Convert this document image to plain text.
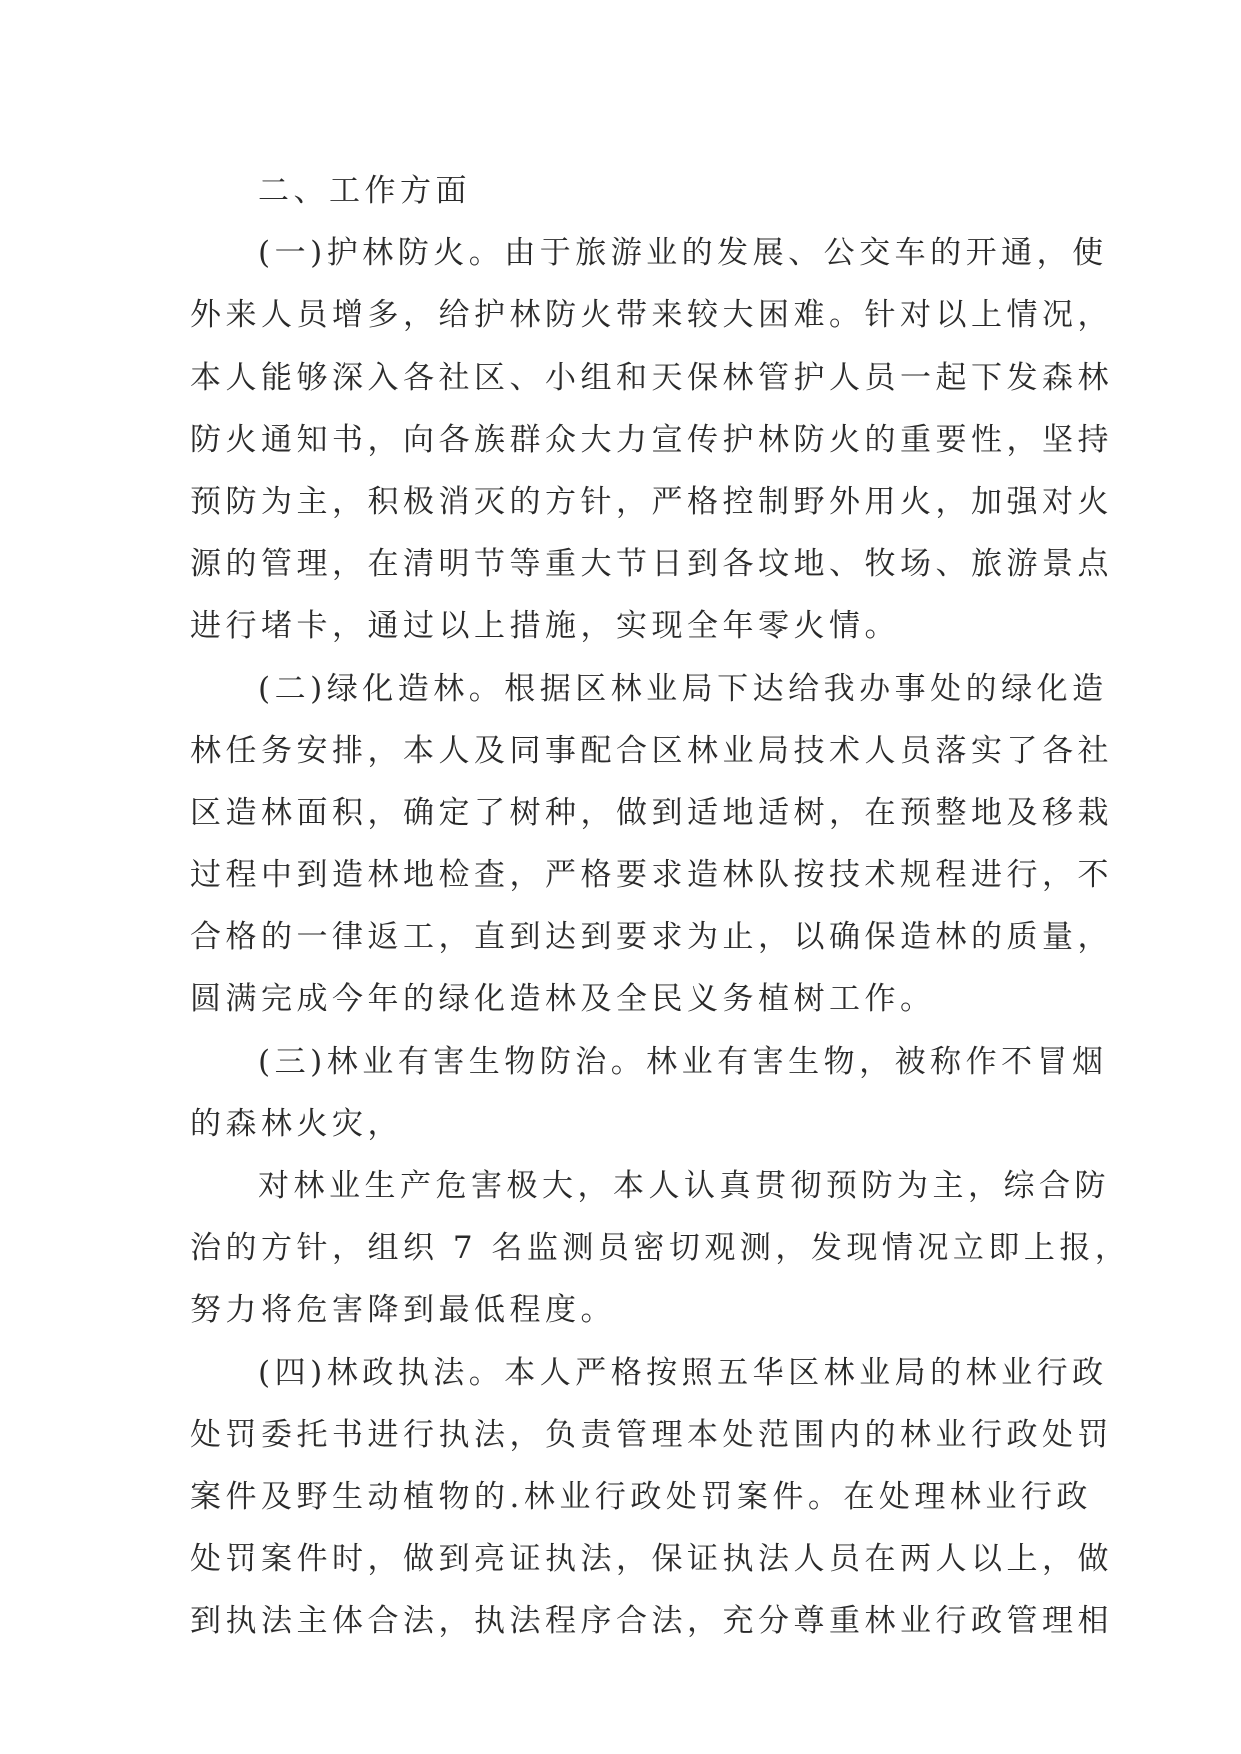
二、工作方面
(一)护林防火。由于旅游业的发展、公交车的开通，使
外来人员增多，给护林防火带来较大困难。针对以上情况，
本人能够深入各社区、小组和天保林管护人员一起下发森林
防火通知书，向各族群众大力宣传护林防火的重要性，坚持
预防为主，积极消灭的方针，严格控制野外用火，加强对火
源的管理，在清明节等重大节日到各坟地、牧场、旅游景点
进行堵卡，通过以上措施，实现全年零火情。
(二)绿化造林。根据区林业局下达给我办事处的绿化造
林任务安排，本人及同事配合区林业局技术人员落实了各社
区造林面积，确定了树种，做到适地适树，在预整地及移栽
过程中到造林地检查，严格要求造林队按技术规程进行，不
合格的一律返工，直到达到要求为止，以确保造林的质量，
圆满完成今年的绿化造林及全民义务植树工作。
(三)林业有害生物防治。林业有害生物，被称作不冒烟
的森林火灾，
对林业生产危害极大，本人认真贯彻预防为主，综合防
治的方针，组织 7 名监测员密切观测，发现情况立即上报，
努力将危害降到最低程度。
(四)林政执法。本人严格按照五华区林业局的林业行政
处罚委托书进行执法，负责管理本处范围内的林业行政处罚
案件及野生动植物的.林业行政处罚案件。在处理林业行政
处罚案件时，做到亮证执法，保证执法人员在两人以上，做
到执法主体合法，执法程序合法，充分尊重林业行政管理相
